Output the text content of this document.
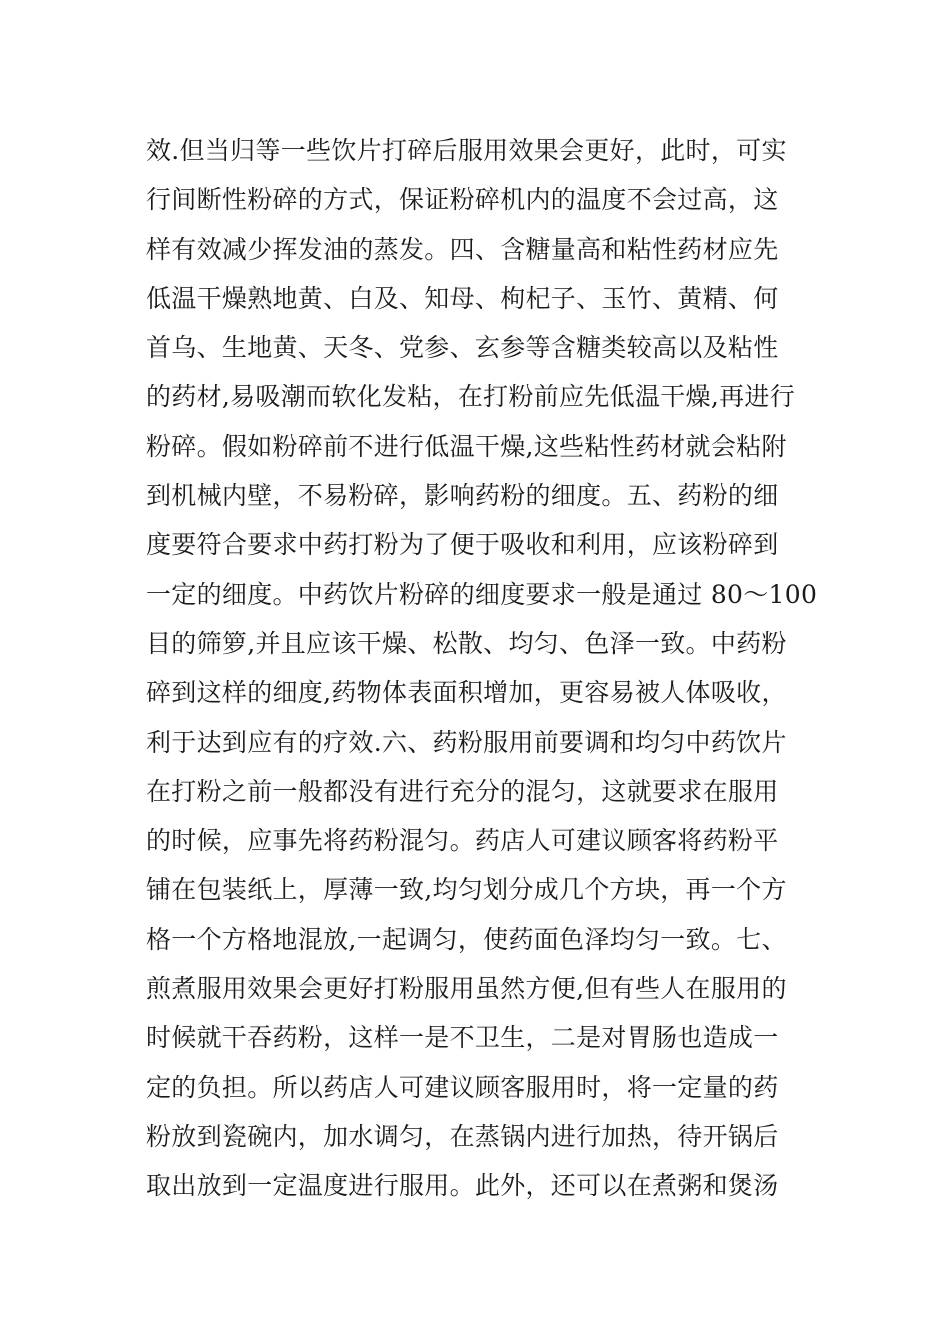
效.但当归等一些饮片打碎后服用效果会更好，此时，可实
行间断性粉碎的方式，保证粉碎机内的温度不会过高，这
样有效减少挥发油的蒸发。四、含糖量高和粘性药材应先
低温干燥熟地黄、白及、知母、枸杞子、玉竹、黄精、何
首乌、生地黄、天冬、党参、玄参等含糖类较高以及粘性
的药材,易吸潮而软化发粘，在打粉前应先低温干燥,再进行
粉碎。假如粉碎前不进行低温干燥,这些粘性药材就会粘附
到机械内壁，不易粉碎，影响药粉的细度。五、药粉的细
度要符合要求中药打粉为了便于吸收和利用，应该粉碎到
一定的细度。中药饮片粉碎的细度要求一般是通过 80～100
目的筛箩,并且应该干燥、松散、均匀、色泽一致。中药粉
碎到这样的细度,药物体表面积增加，更容易被人体吸收，
利于达到应有的疗效.六、药粉服用前要调和均匀中药饮片
在打粉之前一般都没有进行充分的混匀，这就要求在服用
的时候，应事先将药粉混匀。药店人可建议顾客将药粉平
铺在包装纸上，厚薄一致,均匀划分成几个方块，再一个方
格一个方格地混放,一起调匀，使药面色泽均匀一致。七、
煎煮服用效果会更好打粉服用虽然方便,但有些人在服用的
时候就干吞药粉，这样一是不卫生，二是对胃肠也造成一
定的负担。所以药店人可建议顾客服用时，将一定量的药
粉放到瓷碗内，加水调匀，在蒸锅内进行加热，待开锅后
取出放到一定温度进行服用。此外，还可以在煮粥和煲汤
